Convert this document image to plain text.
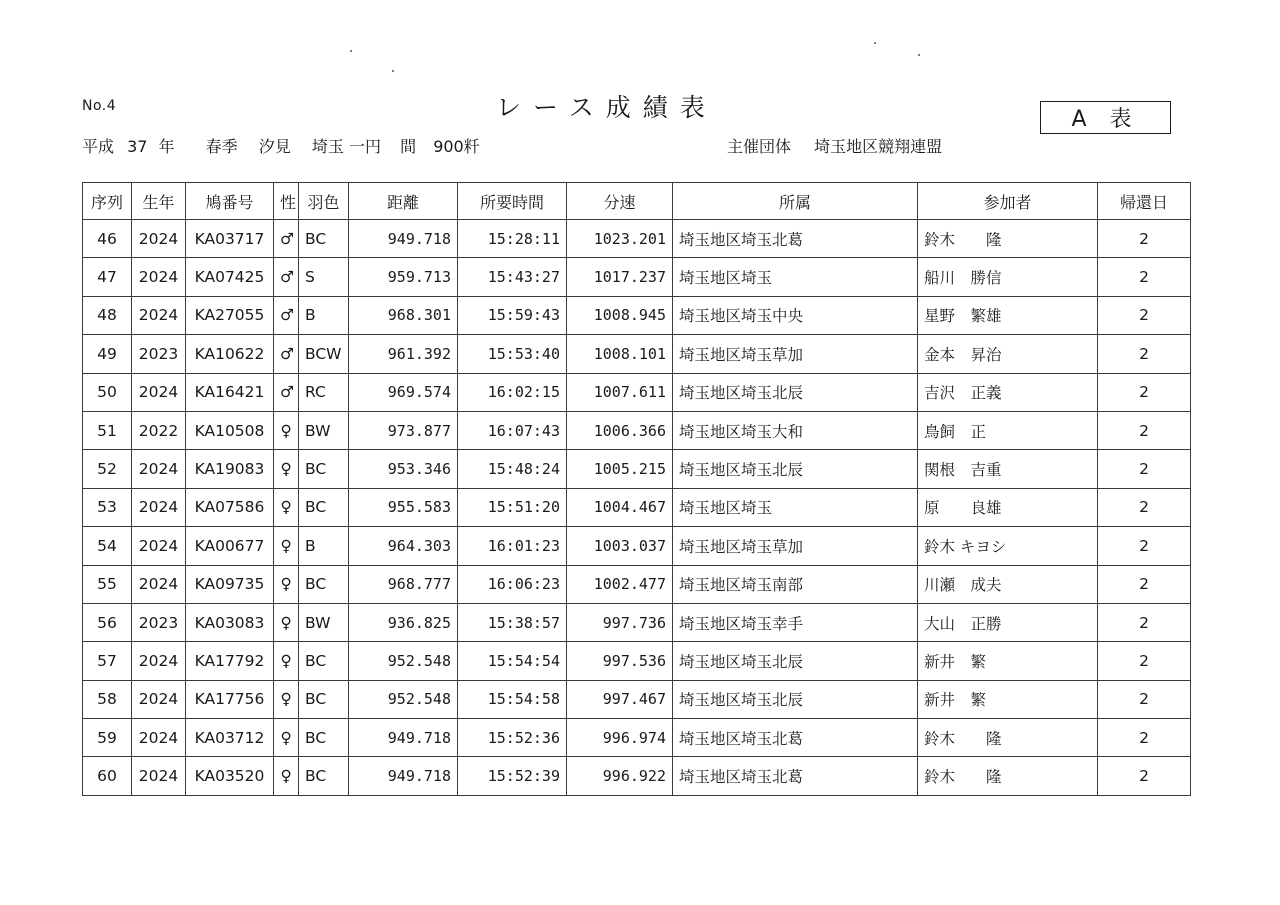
No.4	レース成績表	A 表
平成 37 年 春季 汐見 埼玉 一円 間 900粁	主催団体 埼玉地区競翔連盟
序列	生年	鳩番号	性	羽色	距離	所要時間	分速	所属	参加者	帰還日
46	2024	KA03717	♂	BC	949.718	15:28:11	1023.201	埼玉地区埼玉北葛	鈴木　　隆	2
47	2024	KA07425	♂	S	959.713	15:43:27	1017.237	埼玉地区埼玉	船川　勝信	2
48	2024	KA27055	♂	B	968.301	15:59:43	1008.945	埼玉地区埼玉中央	星野　繁雄	2
49	2023	KA10622	♂	BCW	961.392	15:53:40	1008.101	埼玉地区埼玉草加	金本　昇治	2
50	2024	KA16421	♂	RC	969.574	16:02:15	1007.611	埼玉地区埼玉北辰	吉沢　正義	2
51	2022	KA10508	♀	BW	973.877	16:07:43	1006.366	埼玉地区埼玉大和	鳥飼　正	2
52	2024	KA19083	♀	BC	953.346	15:48:24	1005.215	埼玉地区埼玉北辰	関根　吉重	2
53	2024	KA07586	♀	BC	955.583	15:51:20	1004.467	埼玉地区埼玉	原　　良雄	2
54	2024	KA00677	♀	B	964.303	16:01:23	1003.037	埼玉地区埼玉草加	鈴木 キヨシ	2
55	2024	KA09735	♀	BC	968.777	16:06:23	1002.477	埼玉地区埼玉南部	川瀬　成夫	2
56	2023	KA03083	♀	BW	936.825	15:38:57	997.736	埼玉地区埼玉幸手	大山　正勝	2
57	2024	KA17792	♀	BC	952.548	15:54:54	997.536	埼玉地区埼玉北辰	新井　繁	2
58	2024	KA17756	♀	BC	952.548	15:54:58	997.467	埼玉地区埼玉北辰	新井　繁	2
59	2024	KA03712	♀	BC	949.718	15:52:36	996.974	埼玉地区埼玉北葛	鈴木　　隆	2
60	2024	KA03520	♀	BC	949.718	15:52:39	996.922	埼玉地区埼玉北葛	鈴木　　隆	2
